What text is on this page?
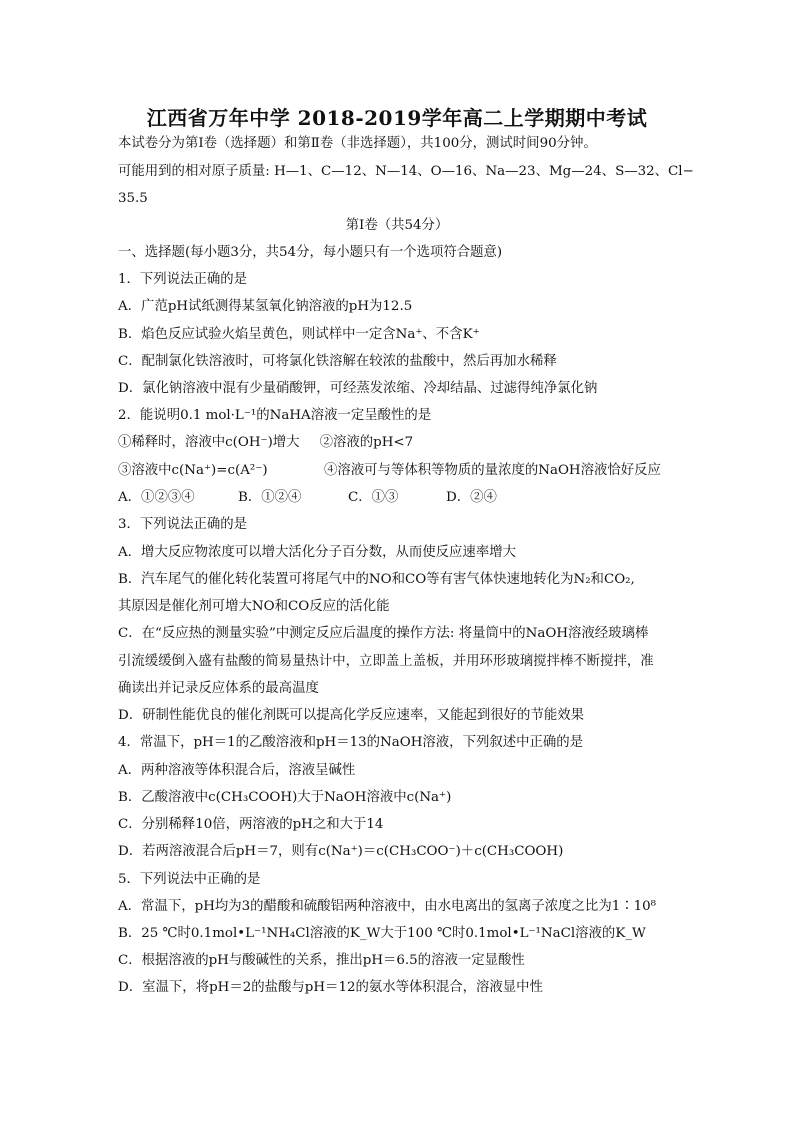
江西省万年中学 2018-2019学年高二上学期期中考试
本试卷分为第Ⅰ卷（选择题）和第Ⅱ卷（非选择题），共100分，测试时间90分钟。
可能用到的相对原子质量: H—1、C—12、N—14、O—16、Na—23、Mg—24、S—32、Cl−
35.5
第Ⅰ卷（共54分）
一、选择题(每小题3分，共54分，每小题只有一个选项符合题意)
1．下列说法正确的是
A．广范pH试纸测得某氢氧化钠溶液的pH为12.5
B．焰色反应试验火焰呈黄色，则试样中一定含Na⁺、不含K⁺
C．配制氯化铁溶液时，可将氯化铁溶解在较浓的盐酸中，然后再加水稀释
D．氯化钠溶液中混有少量硝酸钾，可经蒸发浓缩、冷却结晶、过滤得纯净氯化钠
2．能说明0.1 mol·L⁻¹的NaHA溶液一定呈酸性的是
①稀释时，溶液中c(OH⁻)增大 ②溶液的pH<7
③溶液中c(Na⁺)=c(A²⁻)	④溶液可与等体积等物质的量浓度的NaOH溶液恰好反应
A．①②③④	B．①②④	C．①③	D．②④
3．下列说法正确的是
A．增大反应物浓度可以增大活化分子百分数，从而使反应速率增大
B．汽车尾气的催化转化装置可将尾气中的NO和CO等有害气体快速地转化为N₂和CO₂,
其原因是催化剂可增大NO和CO反应的活化能
C．在“反应热的测量实验”中测定反应后温度的操作方法: 将量筒中的NaOH溶液经玻璃棒
引流缓缓倒入盛有盐酸的简易量热计中，立即盖上盖板，并用环形玻璃搅拌棒不断搅拌，准
确读出并记录反应体系的最高温度
D．研制性能优良的催化剂既可以提高化学反应速率，又能起到很好的节能效果
4．常温下，pH＝1的乙酸溶液和pH＝13的NaOH溶液，下列叙述中正确的是
A．两种溶液等体积混合后，溶液呈碱性
B．乙酸溶液中c(CH₃COOH)大于NaOH溶液中c(Na⁺)
C．分别稀释10倍，两溶液的pH之和大于14
D．若两溶液混合后pH＝7，则有c(Na⁺)＝c(CH₃COO⁻)＋c(CH₃COOH)
5．下列说法中正确的是
A．常温下，pH均为3的醋酸和硫酸铝两种溶液中，由水电离出的氢离子浓度之比为1∶10⁸
B．25 ℃时0.1mol•L⁻¹NH₄Cl溶液的K_W大于100 ℃时0.1mol•L⁻¹NaCl溶液的K_W
C．根据溶液的pH与酸碱性的关系，推出pH＝6.5的溶液一定显酸性
D．室温下，将pH＝2的盐酸与pH＝12的氨水等体积混合，溶液显中性
